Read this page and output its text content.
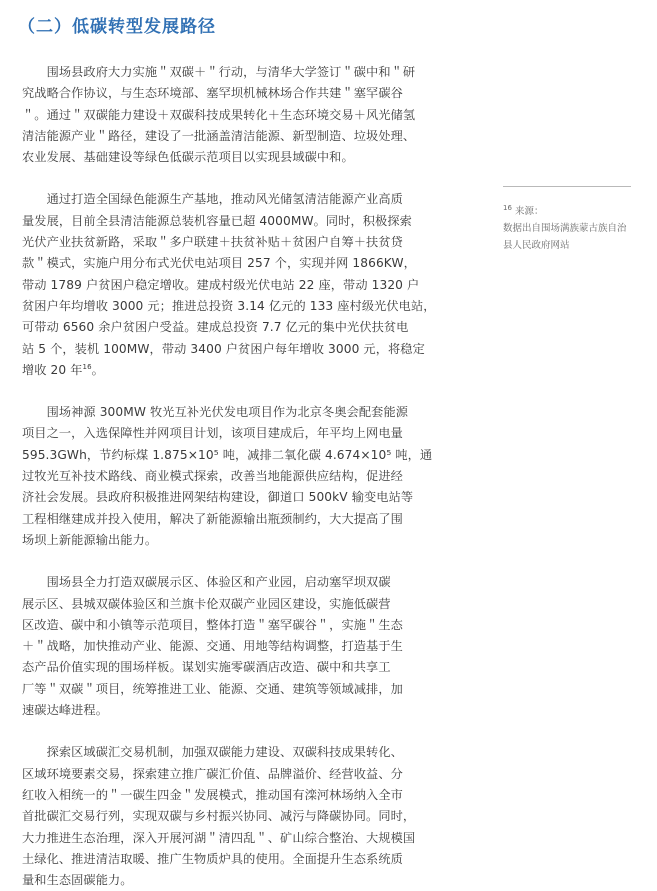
（二）低碳转型发展路径

　　围场县政府大力实施＂双碳＋＂行动，与清华大学签订＂碳中和＂研
究战略合作协议，与生态环境部、塞罕坝机械林场合作共建＂塞罕碳谷
＂。通过＂双碳能力建设＋双碳科技成果转化＋生态环境交易＋风光储氢
清洁能源产业＂路径，建设了一批涵盖清洁能源、新型制造、垃圾处理、
农业发展、基础建设等绿色低碳示范项目以实现县域碳中和。

　　通过打造全国绿色能源生产基地，推动风光储氢清洁能源产业高质
量发展，目前全县清洁能源总装机容量已超 4000MW。同时，积极探索
光伏产业扶贫新路，采取＂多户联建＋扶贫补贴＋贫困户自筹＋扶贫贷
款＂模式，实施户用分布式光伏电站项目 257 个，实现并网 1866KW，
带动 1789 户贫困户稳定增收。建成村级光伏电站 22 座，带动 1320 户
贫困户年均增收 3000 元；推进总投资 3.14 亿元的 133 座村级光伏电站，
可带动 6560 余户贫困户受益。建成总投资 7.7 亿元的集中光伏扶贫电
站 5 个，装机 100MW，带动 3400 户贫困户每年增收 3000 元，将稳定
增收 20 年$^{16}$。

　　围场神源 300MW 牧光互补光伏发电项目作为北京冬奥会配套能源
项目之一，入选保障性并网项目计划，该项目建成后，年平均上网电量
595.3GWh，节约标煤 1.875×10⁵ 吨，减排二氧化碳 4.674×10⁵ 吨，通
过牧光互补技术路线、商业模式探索，改善当地能源供应结构，促进经
济社会发展。县政府积极推进网架结构建设，御道口 500kV 输变电站等
工程相继建成并投入使用，解决了新能源输出瓶颈制约，大大提高了围
场坝上新能源输出能力。

　　围场县全力打造双碳展示区、体验区和产业园，启动塞罕坝双碳
展示区、县城双碳体验区和兰旗卡伦双碳产业园区建设，实施低碳营
区改造、碳中和小镇等示范项目，整体打造＂塞罕碳谷＂，实施＂生态
＋＂战略，加快推动产业、能源、交通、用地等结构调整，打造基于生
态产品价值实现的围场样板。谋划实施零碳酒店改造、碳中和共享工
厂等＂双碳＂项目，统筹推进工业、能源、交通、建筑等领域减排，加
速碳达峰进程。

　　探索区域碳汇交易机制，加强双碳能力建设、双碳科技成果转化、
区域环境要素交易，探索建立推广碳汇价值、品牌溢价、经营收益、分
红收入相统一的＂一碳生四金＂发展模式，推动国有滦河林场纳入全市
首批碳汇交易行列，实现双碳与乡村振兴协同、减污与降碳协同。同时，
大力推进生态治理，深入开展河湖＂清四乱＂、矿山综合整治、大规模国
土绿化、推进清洁取暖、推广生物质炉具的使用。全面提升生态系统质
量和生态固碳能力。

$^{16}$ 来源：
数据出自围场满族蒙古族自治
县人民政府网站
